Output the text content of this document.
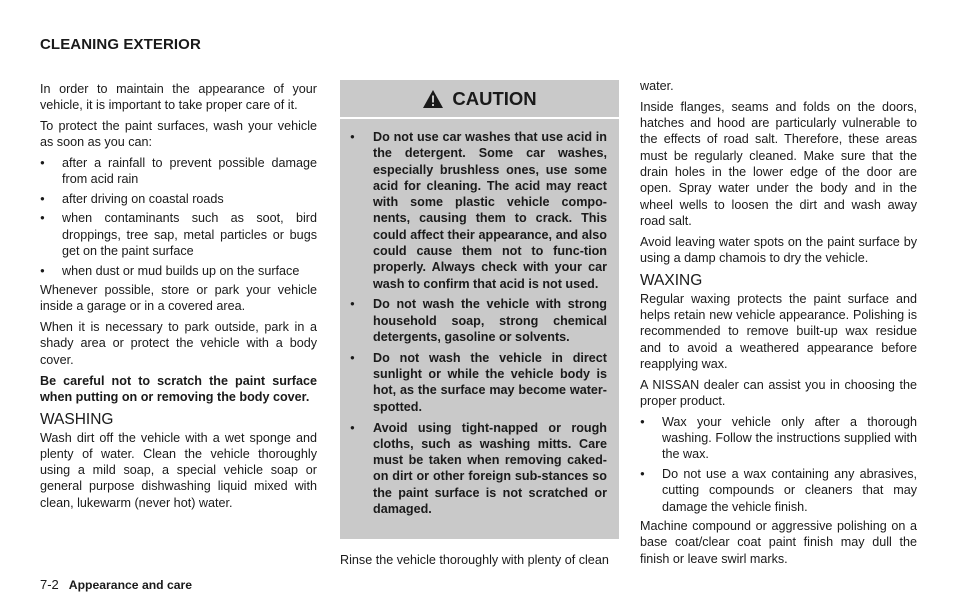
CLEANING EXTERIOR

In order to maintain the appearance of your vehicle, it is important to take proper care of it.

To protect the paint surfaces, wash your vehicle as soon as you can:

● after a rainfall to prevent possible damage from acid rain
● after driving on coastal roads
● when contaminants such as soot, bird droppings, tree sap, metal particles or bugs get on the paint surface
● when dust or mud builds up on the surface

Whenever possible, store or park your vehicle inside a garage or in a covered area.

When it is necessary to park outside, park in a shady area or protect the vehicle with a body cover.

Be careful not to scratch the paint surface when putting on or removing the body cover.

WASHING

Wash dirt off the vehicle with a wet sponge and plenty of water. Clean the vehicle thoroughly using a mild soap, a special vehicle soap or general purpose dishwashing liquid mixed with clean, lukewarm (never hot) water.

CAUTION
● Do not use car washes that use acid in the detergent. Some car washes, especially brushless ones, use some acid for cleaning. The acid may react with some plastic vehicle compo-nents, causing them to crack. This could affect their appearance, and also could cause them not to func-tion properly. Always check with your car wash to confirm that acid is not used.
● Do not wash the vehicle with strong household soap, strong chemical detergents, gasoline or solvents.
● Do not wash the vehicle in direct sunlight or while the vehicle body is hot, as the surface may become water-spotted.
● Avoid using tight-napped or rough cloths, such as washing mitts. Care must be taken when removing caked-on dirt or other foreign sub-stances so the paint surface is not scratched or damaged.
Rinse the vehicle thoroughly with plenty of clean

water.

Inside flanges, seams and folds on the doors, hatches and hood are particularly vulnerable to the effects of road salt. Therefore, these areas must be regularly cleaned. Make sure that the drain holes in the lower edge of the door are open. Spray water under the body and in the wheel wells to loosen the dirt and wash away road salt.

Avoid leaving water spots on the paint surface by using a damp chamois to dry the vehicle.

WAXING

Regular waxing protects the paint surface and helps retain new vehicle appearance. Polishing is recommended to remove built-up wax residue and to avoid a weathered appearance before reapplying wax.

A NISSAN dealer can assist you in choosing the proper product.

● Wax your vehicle only after a thorough washing. Follow the instructions supplied with the wax.
● Do not use a wax containing any abrasives, cutting compounds or cleaners that may damage the vehicle finish.

Machine compound or aggressive polishing on a base coat/clear coat paint finish may dull the finish or leave swirl marks.

7-2 Appearance and care
